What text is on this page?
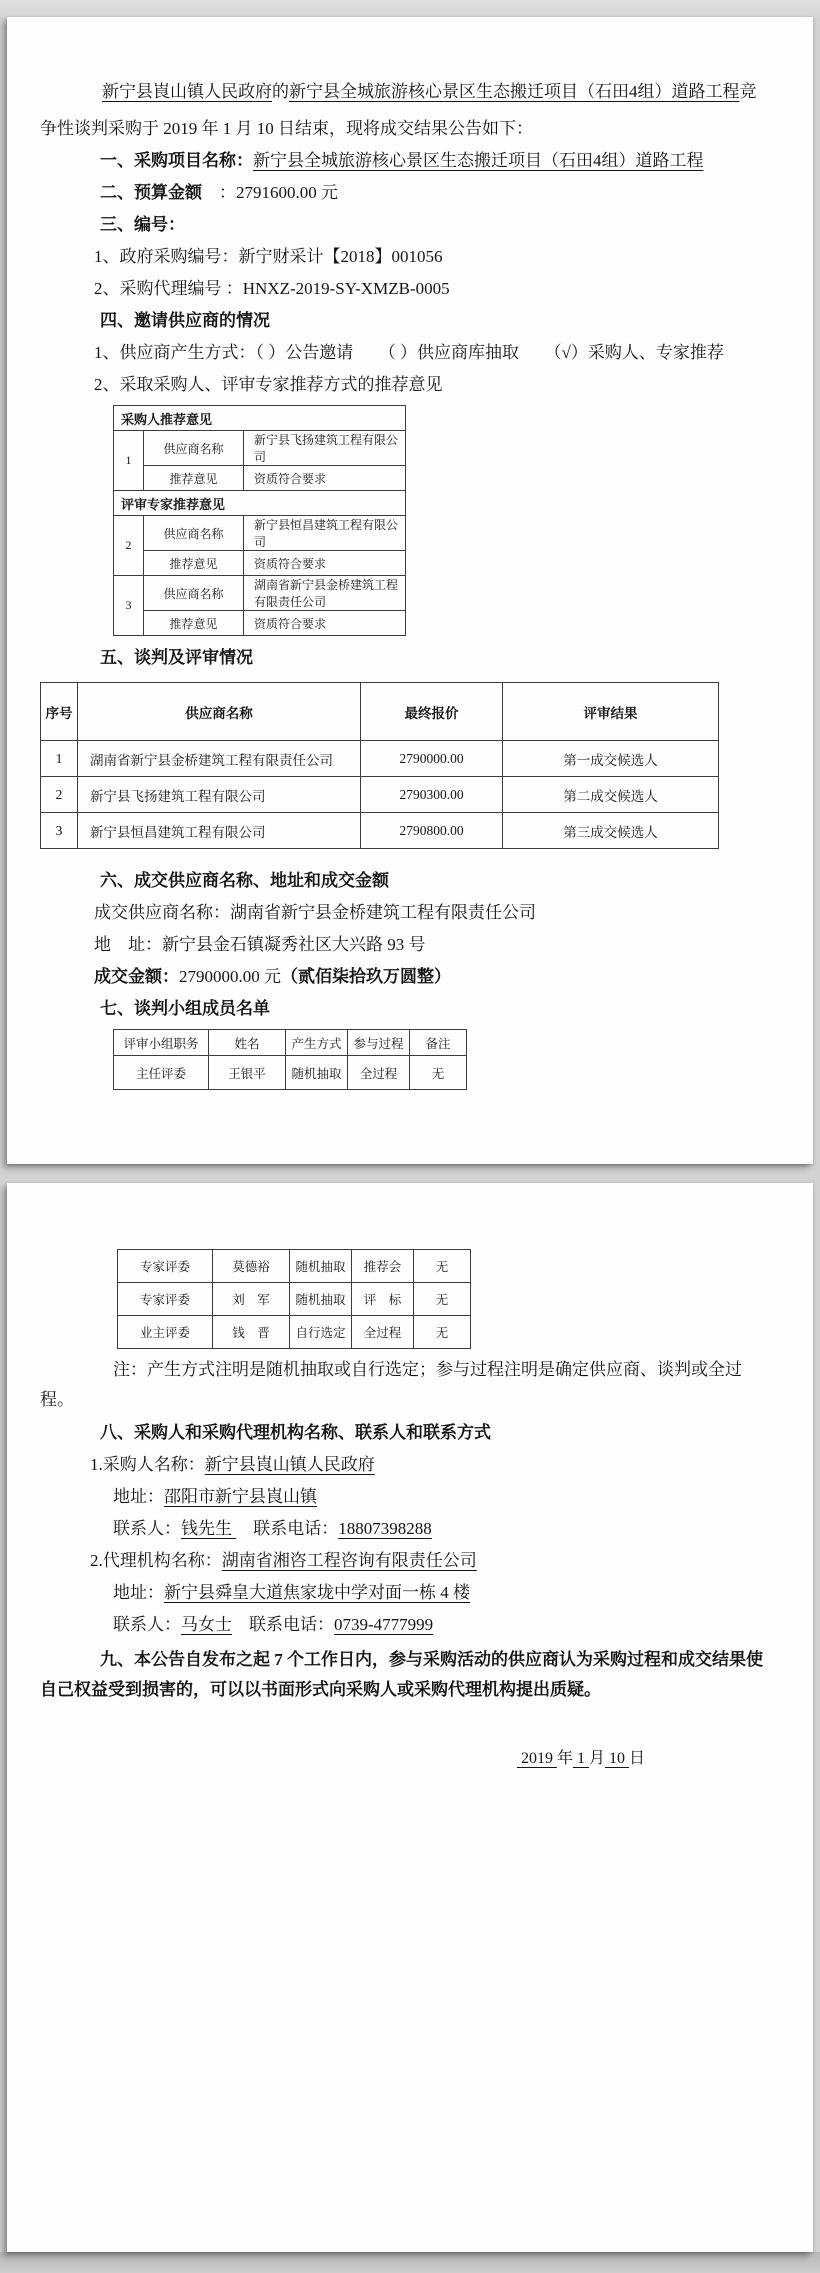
新宁县崀山镇人民政府的新宁县全城旅游核心景区生态搬迁项目（石田4组）道路工程竞争性谈判采购于 2019 年 1 月 10 日结束，现将成交结果公告如下：

一、采购项目名称：新宁县全城旅游核心景区生态搬迁项目（石田4组）道路工程

二、预算金额　：2791600.00 元

三、编号：

1、政府采购编号：新宁财采计【2018】001056

2、采购代理编号 ：HNXZ-2019-SY-XMZB-0005

四、邀请供应商的情况

1、供应商产生方式：（ ）公告邀请　　（ ）供应商库抽取　　（√）采购人、专家推荐

2、采取采购人、评审专家推荐方式的推荐意见

采购人推荐意见		
1	供应商名称	新宁县飞扬建筑工程有限公司
	推荐意见	资质符合要求
评审专家推荐意见		
2	供应商名称	新宁县恒昌建筑工程有限公司
	推荐意见	资质符合要求
3	供应商名称	湖南省新宁县金桥建筑工程有限责任公司
	推荐意见	资质符合要求

五、谈判及评审情况

序号	供应商名称	最终报价	评审结果
1	湖南省新宁县金桥建筑工程有限责任公司	2790000.00	第一成交候选人
2	新宁县飞扬建筑工程有限公司	2790300.00	第二成交候选人
3	新宁县恒昌建筑工程有限公司	2790800.00	第三成交候选人

六、成交供应商名称、地址和成交金额

成交供应商名称：湖南省新宁县金桥建筑工程有限责任公司

地　址：新宁县金石镇凝秀社区大兴路 93 号

成交金额：2790000.00 元（贰佰柒拾玖万圆整）

七、谈判小组成员名单

评审小组职务	姓名	产生方式	参与过程	备注
主任评委	王银平	随机抽取	全过程	无
专家评委	莫德裕	随机抽取	推荐会	无
专家评委	刘　军	随机抽取	评　标	无
业主评委	钱　晋	自行选定	全过程	无

注：产生方式注明是随机抽取或自行选定；参与过程注明是确定供应商、谈判或全过程。

八、采购人和采购代理机构名称、联系人和联系方式

1.采购人名称：新宁县崀山镇人民政府

地址：邵阳市新宁县崀山镇

联系人：钱先生 　联系电话：18807398288

2.代理机构名称：湖南省湘咨工程咨询有限责任公司

地址：新宁县舜皇大道焦家垅中学对面一栋 4 楼

联系人：马女士　联系电话：0739-4777999

九、本公告自发布之起 7 个工作日内，参与采购活动的供应商认为采购过程和成交结果使自己权益受到损害的，可以以书面形式向采购人或采购代理机构提出质疑。

2019 年 1 月 10 日
